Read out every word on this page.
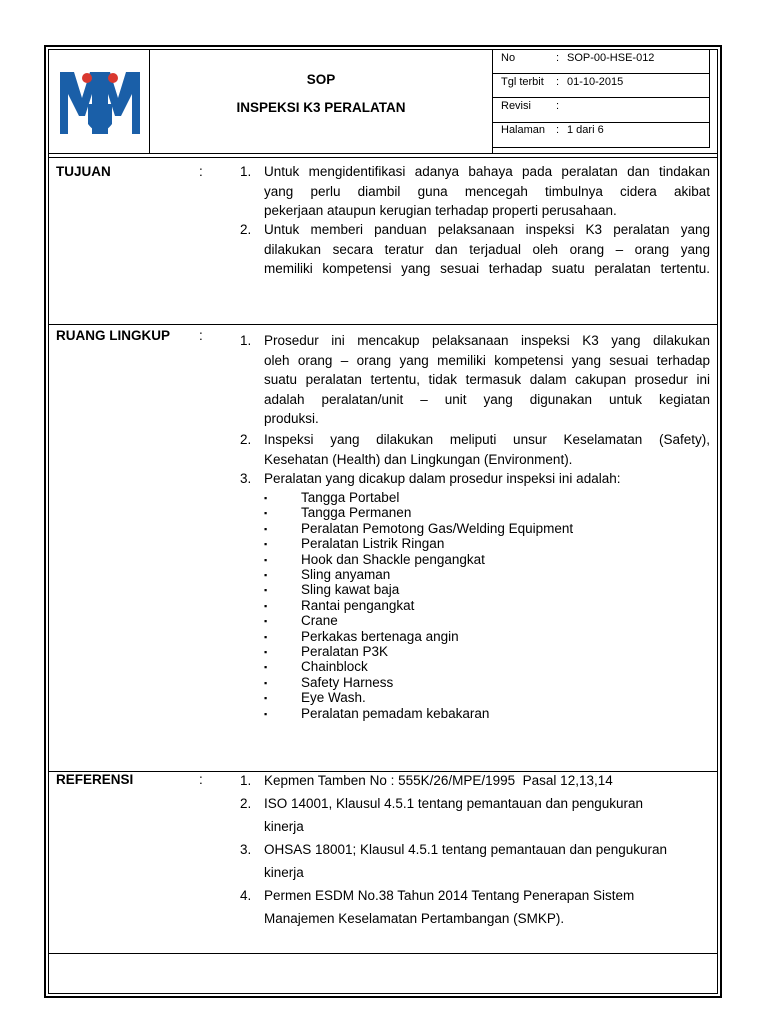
SOP
INSPEKSI K3 PERALATAN
No	: SOP-00-HSE-012
Tgl terbit : 01-10-2015
Revisi :
Halaman : 1 dari 6
TUJUAN	:	1. Untuk mengidentifikasi adanya bahaya pada peralatan dan tindakan
yang perlu diambil guna mencegah timbulnya cidera akibat
pekerjaan ataupun kerugian terhadap properti perusahaan.
2. Untuk memberi panduan pelaksanaan inspeksi K3 peralatan yang
dilakukan secara teratur dan terjadual oleh orang – orang yang
memiliki kompetensi yang sesuai terhadap suatu peralatan tertentu.
RUANG LINGKUP :	1. Prosedur ini mencakup pelaksanaan inspeksi K3 yang dilakukan
oleh orang – orang yang memiliki kompetensi yang sesuai terhadap
suatu peralatan tertentu, tidak termasuk dalam cakupan prosedur ini
adalah peralatan/unit – unit yang digunakan untuk kegiatan
produksi.
2. Inspeksi yang dilakukan meliputi unsur Keselamatan (Safety),
Kesehatan (Health) dan Lingkungan (Environment).
3. Peralatan yang dicakup dalam prosedur inspeksi ini adalah:
▪	Tangga Portabel
▪	Tangga Permanen
▪	Peralatan Pemotong Gas/Welding Equipment
▪	Peralatan Listrik Ringan
▪	Hook dan Shackle pengangkat
▪	Sling anyaman
▪	Sling kawat baja
▪	Rantai pengangkat
▪	Crane
▪	Perkakas bertenaga angin
▪	Peralatan P3K
▪	Chainblock
▪	Safety Harness
▪	Eye Wash.
▪	Peralatan pemadam kebakaran
REFERENSI	:	1. Kepmen Tamben No : 555K/26/MPE/1995  Pasal 12,13,14
2. ISO 14001, Klausul 4.5.1 tentang pemantauan dan pengukuran
kinerja
3. OHSAS 18001; Klausul 4.5.1 tentang pemantauan dan pengukuran
kinerja
4. Permen ESDM No.38 Tahun 2014 Tentang Penerapan Sistem
Manajemen Keselamatan Pertambangan (SMKP).
